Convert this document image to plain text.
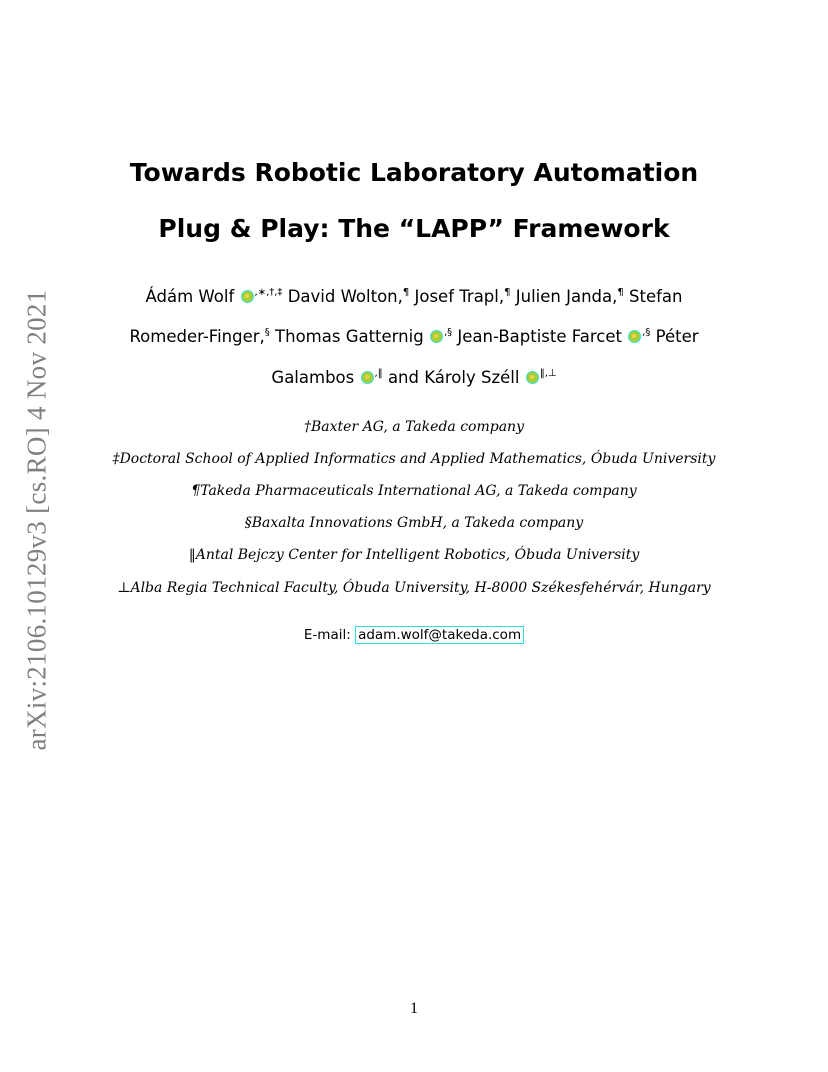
arXiv:2106.10129v3 [cs.RO] 4 Nov 2021
Towards Robotic Laboratory Automation
Plug & Play: The “LAPP” Framework
Ádám Wolf ,∗,†,‡ David Wolton,¶ Josef Trapl,¶ Julien Janda,¶ Stefan
Romeder-Finger,§ Thomas Gatternig ,§ Jean-Baptiste Farcet ,§ Péter
Galambos ,‖ and Károly Széll ‖,⊥
†Baxter AG, a Takeda company
‡Doctoral School of Applied Informatics and Applied Mathematics, Óbuda University
¶Takeda Pharmaceuticals International AG, a Takeda company
§Baxalta Innovations GmbH, a Takeda company
‖Antal Bejczy Center for Intelligent Robotics, Óbuda University
⊥Alba Regia Technical Faculty, Óbuda University, H-8000 Székesfehérvár, Hungary
E-mail: adam.wolf@takeda.com
1
